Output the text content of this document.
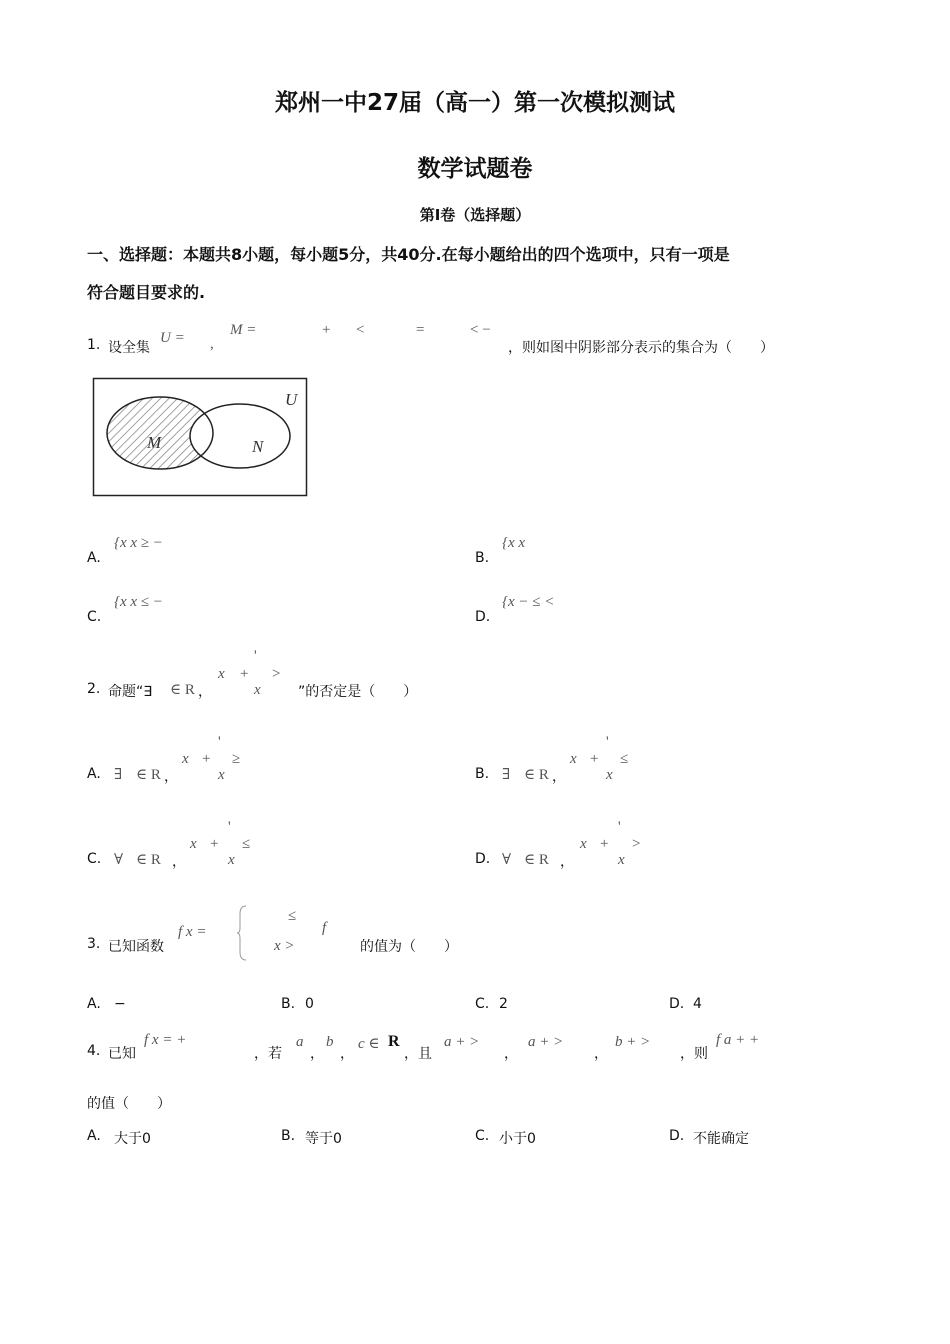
郑州一中27届（高一）第一次模拟测试
数学试题卷
第I卷（选择题）
一、选择题：本题共8小题，每小题5分，共40分.在每小题给出的四个选项中，只有一项是
符合题目要求的.
1. 设全集
U = ,
M =	+ <	=	< −
，则如图中阴影部分表示的集合为（　　）
U
M	N
A.
{x x ≥ −
B.
{x x
C.
{x x ≤ −
D.
{x − ≤ <
2. 命题“∃ ∈ R ，
'
x + >
x	”的否定是（　　）
A. ∃ ∈ R ，
'
x + ≥
x	B. ∃ ∈ R ，
'
x + ≤
x
C. ∀ ∈ R ，
'
x + ≤
x	D. ∀ ∈ R ，
'
x + >
x
3. 已知函数
f x =
≤
x >
f
的值为（　　）
A. −	B. 0	C. 2	D. 4
4. 已知
f x = +
，若
a
，
b
，
c ∈ R
，且
a + >
，
a + >
，
b + >
，则
f a + +
的值（　　）
A. 大于0	B. 等于0	C. 小于0	D. 不能确定
